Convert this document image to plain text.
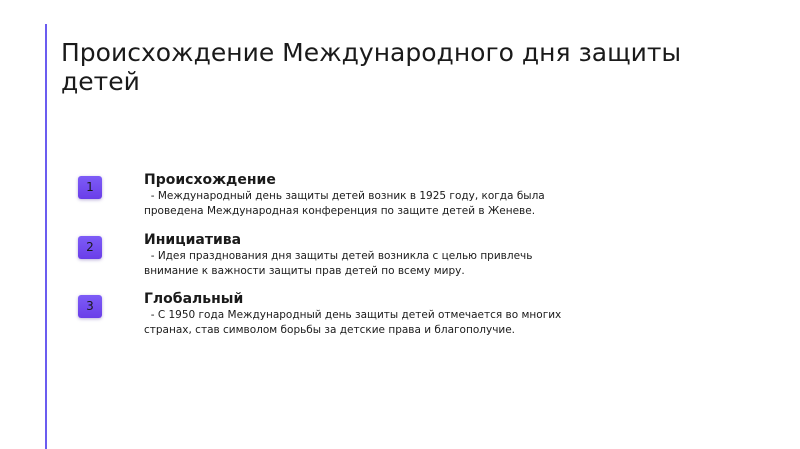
Происхождение Международного дня защиты детей
1	Происхождение

- Международный день защиты детей возник в 1925 году, когда была проведена Международная конференция по защите детей в Женеве.

2	Инициатива

- Идея празднования дня защиты детей возникла с целью привлечь внимание к важности защиты прав детей по всему миру.

3	Глобальный

- С 1950 года Международный день защиты детей отмечается во многих странах, став символом борьбы за детские права и благополучие.
